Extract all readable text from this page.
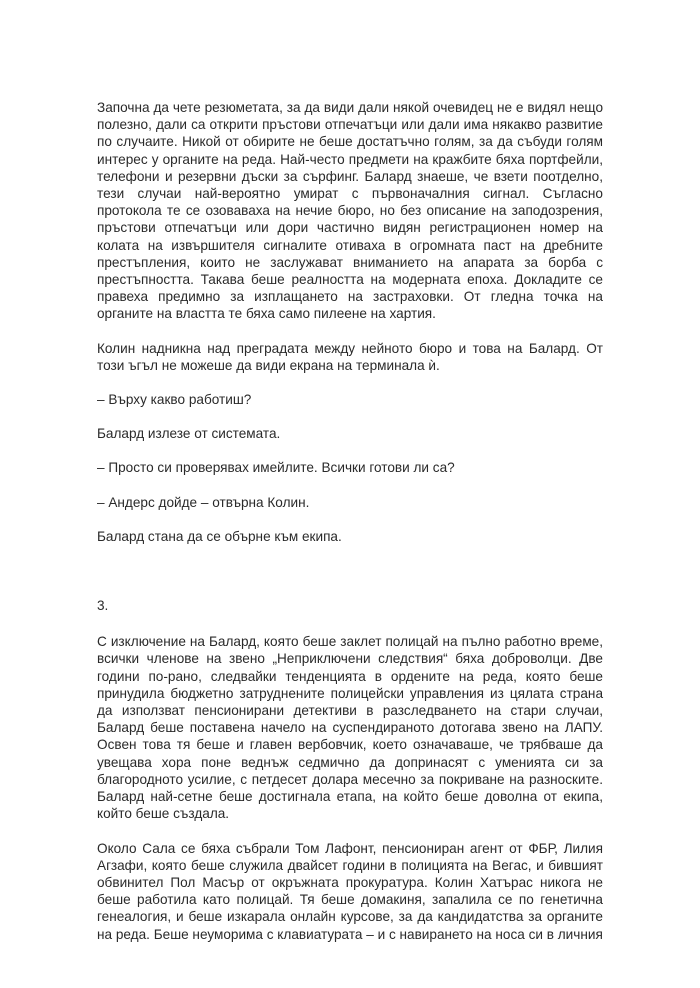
Започна да чете резюметата, за да види дали някой очевидец не е видял нещо полезно, дали са открити пръстови отпечатъци или дали има някакво развитие по случаите. Никой от обирите не беше достатъчно голям, за да събуди голям интерес у органите на реда. Най-често предмети на кражбите бяха портфейли, телефони и резервни дъски за сърфинг. Балард знаеше, че взети поотделно, тези случаи най-вероятно умират с първоначалния сигнал. Съгласно протокола те се озоваваха на нечие бюро, но без описание на заподозрения, пръстови отпечатъци или дори частично видян регистрационен номер на колата на извършителя сигналите отиваха в огромната паст на дребните престъпления, които не заслужават вниманието на апарата за борба с престъпността. Такава беше реалността на модерната епоха. Докладите се правеха предимно за изплащането на застраховки. От гледна точка на органите на властта те бяха само пилеене на хартия.

Колин надникна над преградата между нейното бюро и това на Балард. От този ъгъл не можеше да види екрана на терминала ѝ.

– Върху какво работиш?

Балард излезе от системата.

– Просто си проверявах имейлите. Всички готови ли са?

– Андерс дойде – отвърна Колин.

Балард стана да се обърне към екипа.

3.

С изключение на Балард, която беше заклет полицай на пълно работно време, всички членове на звено „Неприключени следствия“ бяха доброволци. Две години по-рано, следвайки тенденцията в ордените на реда, която беше принудила бюджетно затруднените полицейски управления из цялата страна да използват пенсионирани детективи в разследването на стари случаи, Балард беше поставена начело на суспендираното дотогава звено на ЛАПУ. Освен това тя беше и главен вербовчик, което означаваше, че трябваше да увещава хора поне веднъж седмично да допринасят с уменията си за благородното усилие, с петдесет долара месечно за покриване на разноските. Балард най-сетне беше достигнала етапа, на който беше доволна от екипа, който беше създала.

Около Сала се бяха събрали Том Лафонт, пенсиониран агент от ФБР, Лилия Агзафи, която беше служила двайсет години в полицията на Вегас, и бившият обвинител Пол Масър от окръжната прокуратура. Колин Хатърас никога не беше работила като полицай. Тя беше домакиня, запалила се по генетична генеалогия, и беше изкарала онлайн курсове, за да кандидатства за органите на реда. Беше неуморима с клавиатурата – и с навирането на носа си в личния
